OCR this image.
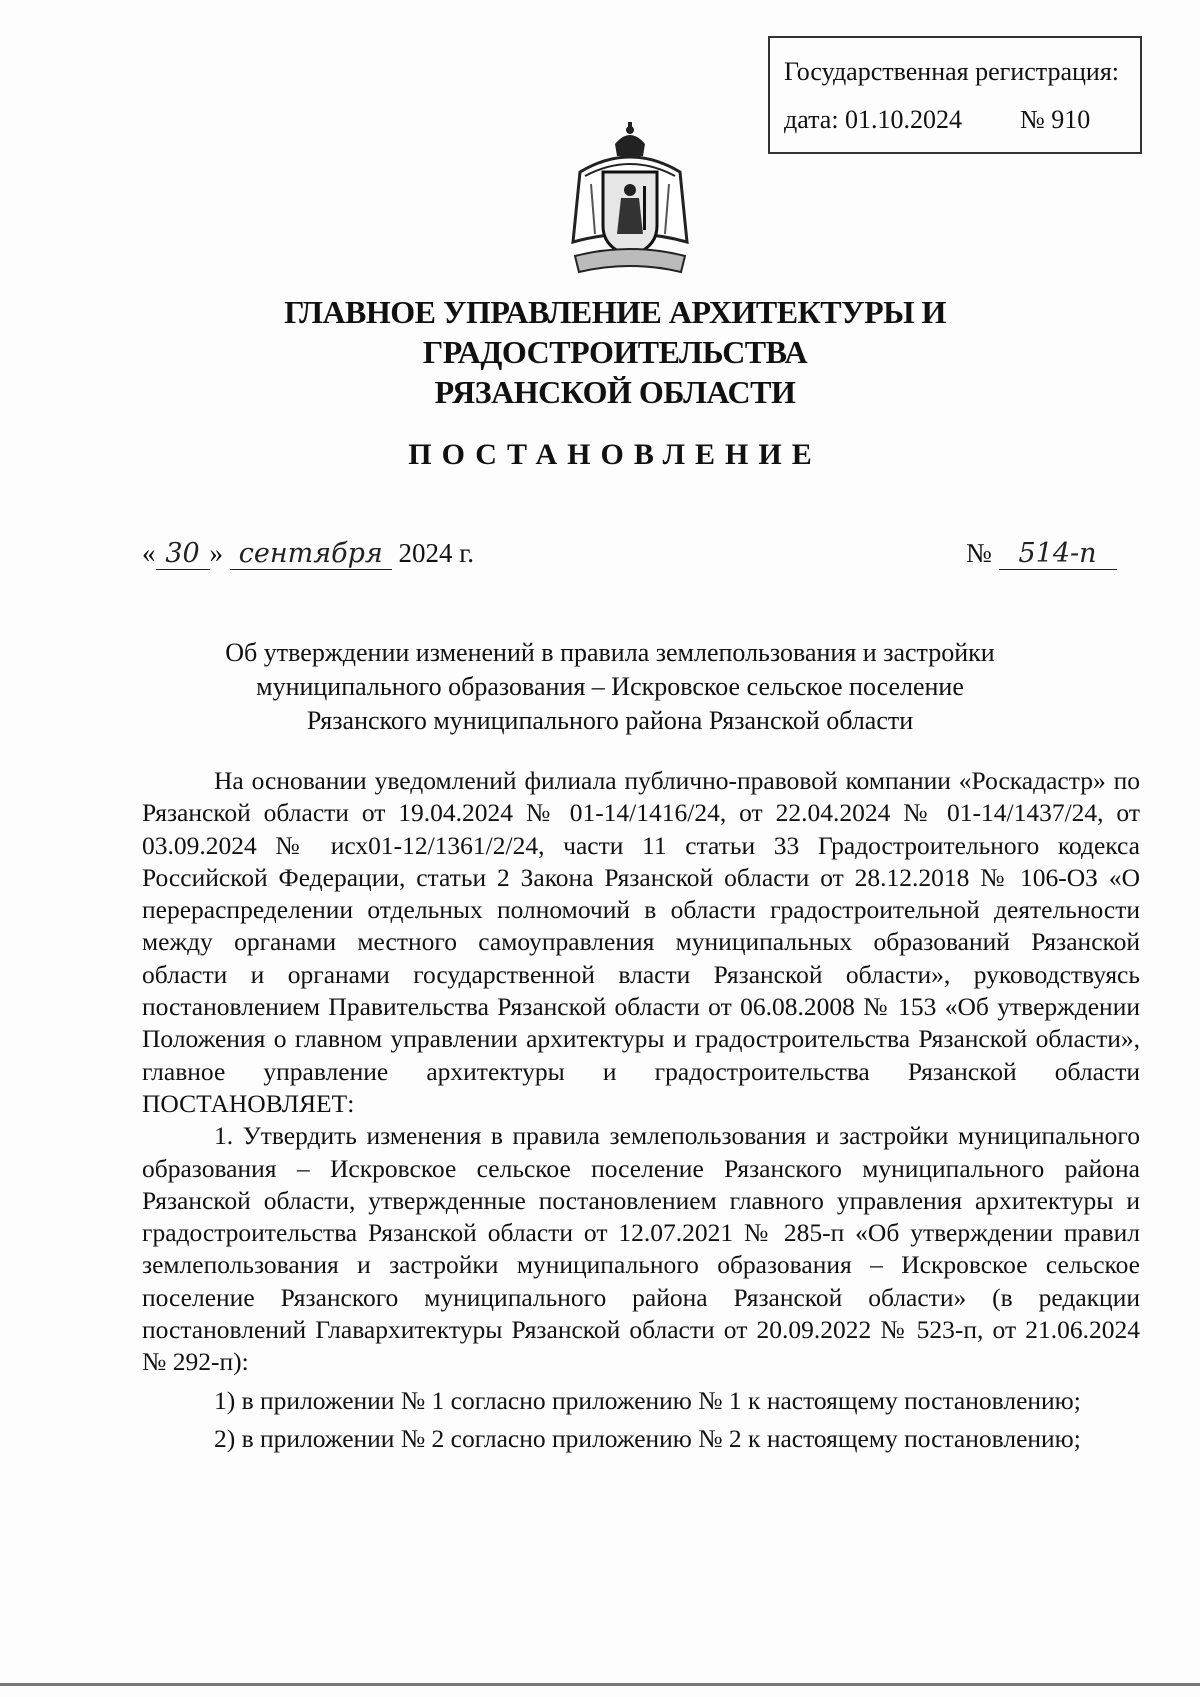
Государственная регистрация:
дата: 01.10.2024 № 910
ГЛАВНОЕ УПРАВЛЕНИЕ АРХИТЕКТУРЫ И ГРАДОСТРОИТЕЛЬСТВА
РЯЗАНСКОЙ ОБЛАСТИ
ПОСТАНОВЛЕНИЕ
« 30 » сентября 2024 г.	№ 514-п
Об утверждении изменений в правила землепользования и застройки
муниципального образования – Искровское сельское поселение
Рязанского муниципального района Рязанской области

На основании уведомлений филиала публично-правовой компании «Роскадастр» по Рязанской области от 19.04.2024 № 01-14/1416/24, от 22.04.2024 № 01-14/1437/24, от 03.09.2024 № исх01-12/1361/2/24, части 11 статьи 33 Градостроительного кодекса Российской Федерации, статьи 2 Закона Рязанской области от 28.12.2018 № 106-ОЗ «О перераспределении отдельных полномочий в области градостроительной деятельности между органами местного самоуправления муниципальных образований Рязанской области и органами государственной власти Рязанской области», руководствуясь постановлением Правительства Рязанской области от 06.08.2008 № 153 «Об утверждении Положения о главном управлении архитектуры и градостроительства Рязанской области», главное управление архитектуры и градостроительства Рязанской области ПОСТАНОВЛЯЕТ:

1. Утвердить изменения в правила землепользования и застройки муниципального образования – Искровское сельское поселение Рязанского муниципального района Рязанской области, утвержденные постановлением главного управления архитектуры и градостроительства Рязанской области от 12.07.2021 № 285-п «Об утверждении правил землепользования и застройки муниципального образования – Искровское сельское поселение Рязанского муниципального района Рязанской области» (в редакции постановлений Главархитектуры Рязанской области от 20.09.2022 № 523-п, от 21.06.2024 № 292-п):

1) в приложении № 1 согласно приложению № 1 к настоящему постановлению;

2) в приложении № 2 согласно приложению № 2 к настоящему постановлению;
